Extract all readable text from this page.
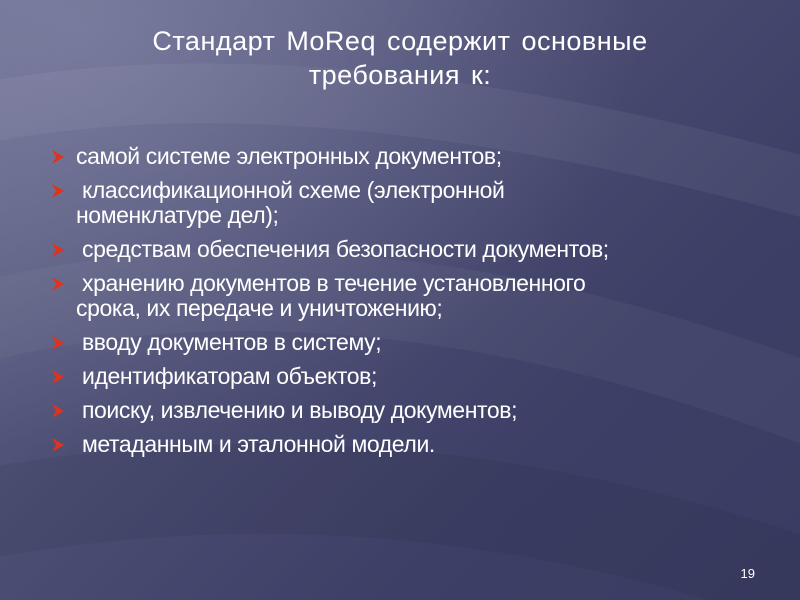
Стандарт MoReq содержит основные
требования к:
самой системе электронных документов;
классификационной схеме (электронной
номенклатуре дел);
средствам обеспечения безопасности документов;
хранению документов в течение установленного
срока, их передаче и уничтожению;
вводу документов в систему;
идентификаторам объектов;
поиску, извлечению и выводу документов;
метаданным и эталонной модели.
19
